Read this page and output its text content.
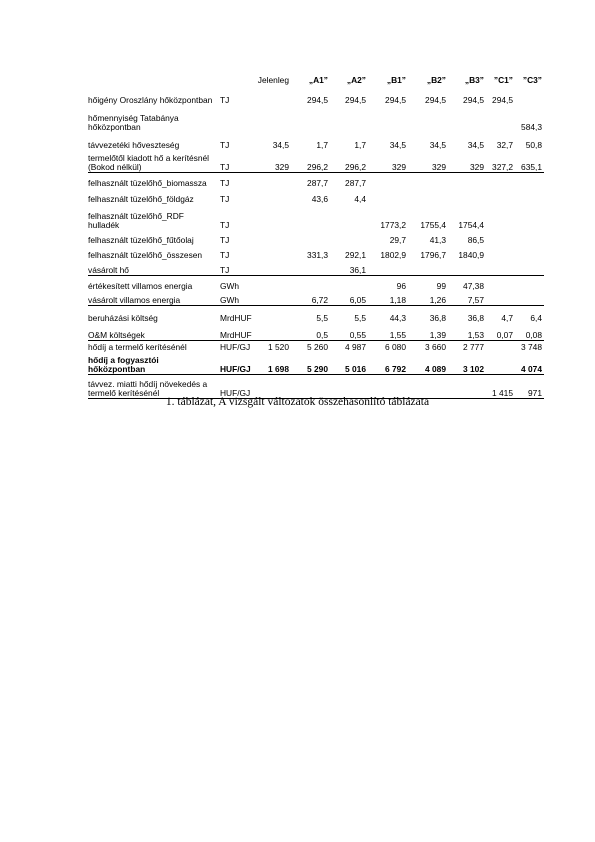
		Jelenleg	„A1”	„A2”	„B1”	„B2”	„B3”	”C1”	”C3”
hőigény Oroszlány hőközpontban	TJ		294,5	294,5	294,5	294,5	294,5	294,5	
hőmennyiség Tatabánya hőközpontban									584,3
távvezetéki hőveszteség	TJ	34,5	1,7	1,7	34,5	34,5	34,5	32,7	50,8
termelőtől kiadott hő a kerítésnél (Bokod nélkül)	TJ	329	296,2	296,2	329	329	329	327,2	635,1
felhasznált tüzelőhő_biomassza	TJ		287,7	287,7					
felhasznált tüzelőhő_földgáz	TJ		43,6	4,4					
felhasznált tüzelőhő_RDF hulladék	TJ				1773,2	1755,4	1754,4		
felhasznált tüzelőhő_fűtőolaj	TJ				29,7	41,3	86,5		
felhasznált tüzelőhő_összesen	TJ		331,3	292,1	1802,9	1796,7	1840,9		
vásárolt hő	TJ			36,1					
értékesített villamos energia	GWh				96	99	47,38		
vásárolt villamos energia	GWh		6,72	6,05	1,18	1,26	7,57		
beruházási költség	MrdHUF		5,5	5,5	44,3	36,8	36,8	4,7	6,4
O&M költségek	MrdHUF		0,5	0,55	1,55	1,39	1,53	0,07	0,08
hődíj a termelő kerítésénél	HUF/GJ	1 520	5 260	4 987	6 080	3 660	2 777		3 748
hődíj a fogyasztói hőközpontban	HUF/GJ	1 698	5 290	5 016	6 792	4 089	3 102		4 074
távvez. miatti hődíj növekedés a termelő kerítésénél	HUF/GJ							1 415	971
1. táblázat, A vizsgált változatok összehasonlító táblázata
